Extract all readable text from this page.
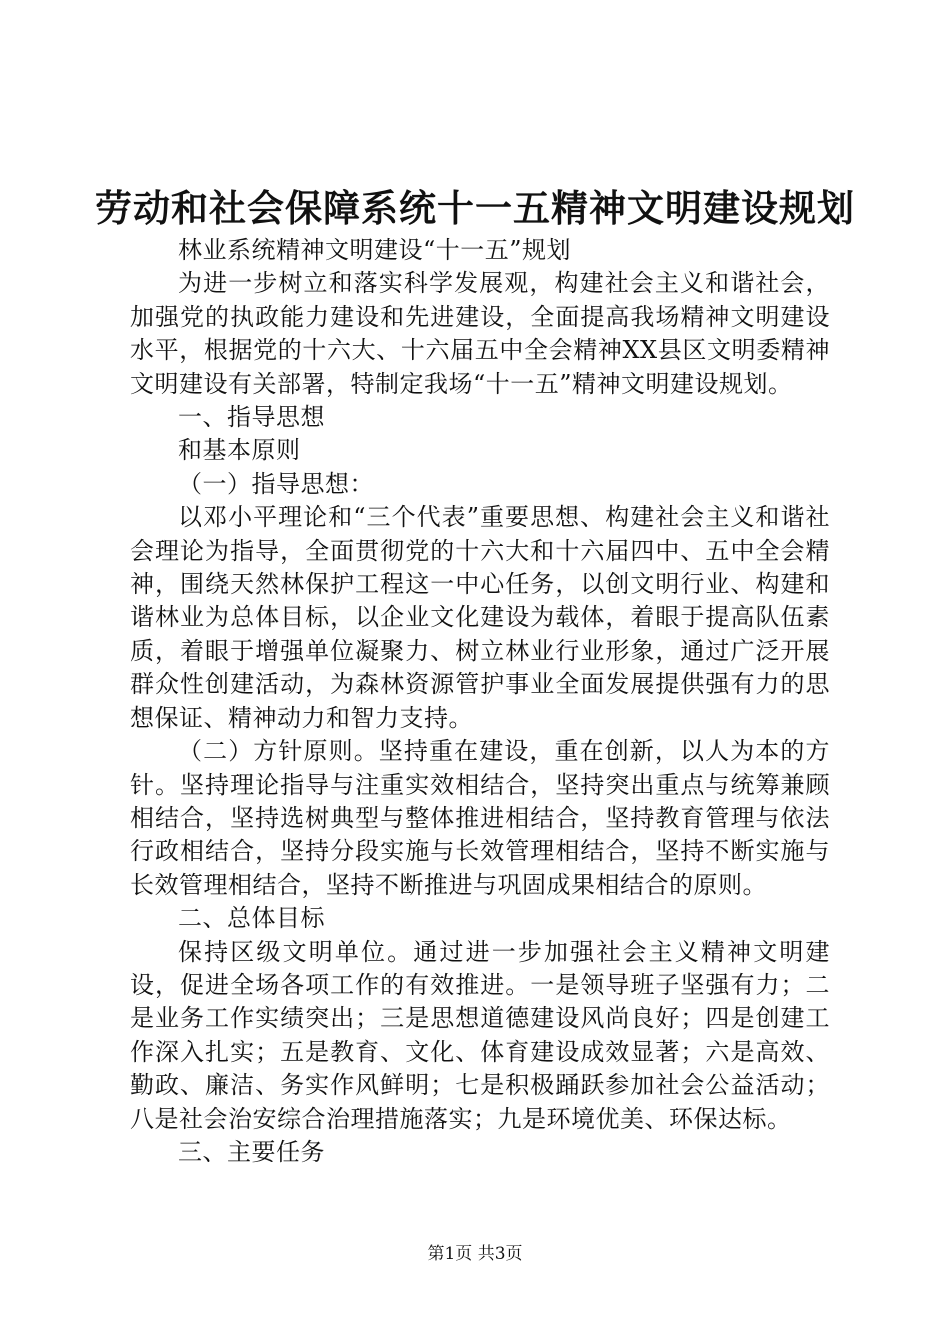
劳动和社会保障系统十一五精神文明建设规划

林业系统精神文明建设“十一五”规划

为进一步树立和落实科学发展观，构建社会主义和谐社会，加强党的执政能力建设和先进建设，全面提高我场精神文明建设水平，根据党的十六大、十六届五中全会精神XX县区文明委精神文明建设有关部署，特制定我场“十一五”精神文明建设规划。

一、指导思想

和基本原则

（一）指导思想：

以邓小平理论和“三个代表”重要思想、构建社会主义和谐社会理论为指导，全面贯彻党的十六大和十六届四中、五中全会精神，围绕天然林保护工程这一中心任务，以创文明行业、构建和谐林业为总体目标，以企业文化建设为载体，着眼于提高队伍素质，着眼于增强单位凝聚力、树立林业行业形象，通过广泛开展群众性创建活动，为森林资源管护事业全面发展提供强有力的思想保证、精神动力和智力支持。

（二）方针原则。坚持重在建设，重在创新，以人为本的方针。坚持理论指导与注重实效相结合，坚持突出重点与统筹兼顾相结合，坚持选树典型与整体推进相结合，坚持教育管理与依法行政相结合，坚持分段实施与长效管理相结合，坚持不断实施与长效管理相结合，坚持不断推进与巩固成果相结合的原则。

二、总体目标

保持区级文明单位。通过进一步加强社会主义精神文明建设，促进全场各项工作的有效推进。一是领导班子坚强有力；二是业务工作实绩突出；三是思想道德建设风尚良好；四是创建工作深入扎实；五是教育、文化、体育建设成效显著；六是高效、勤政、廉洁、务实作风鲜明；七是积极踊跃参加社会公益活动；八是社会治安综合治理措施落实；九是环境优美、环保达标。

三、主要任务

第1页 共3页
